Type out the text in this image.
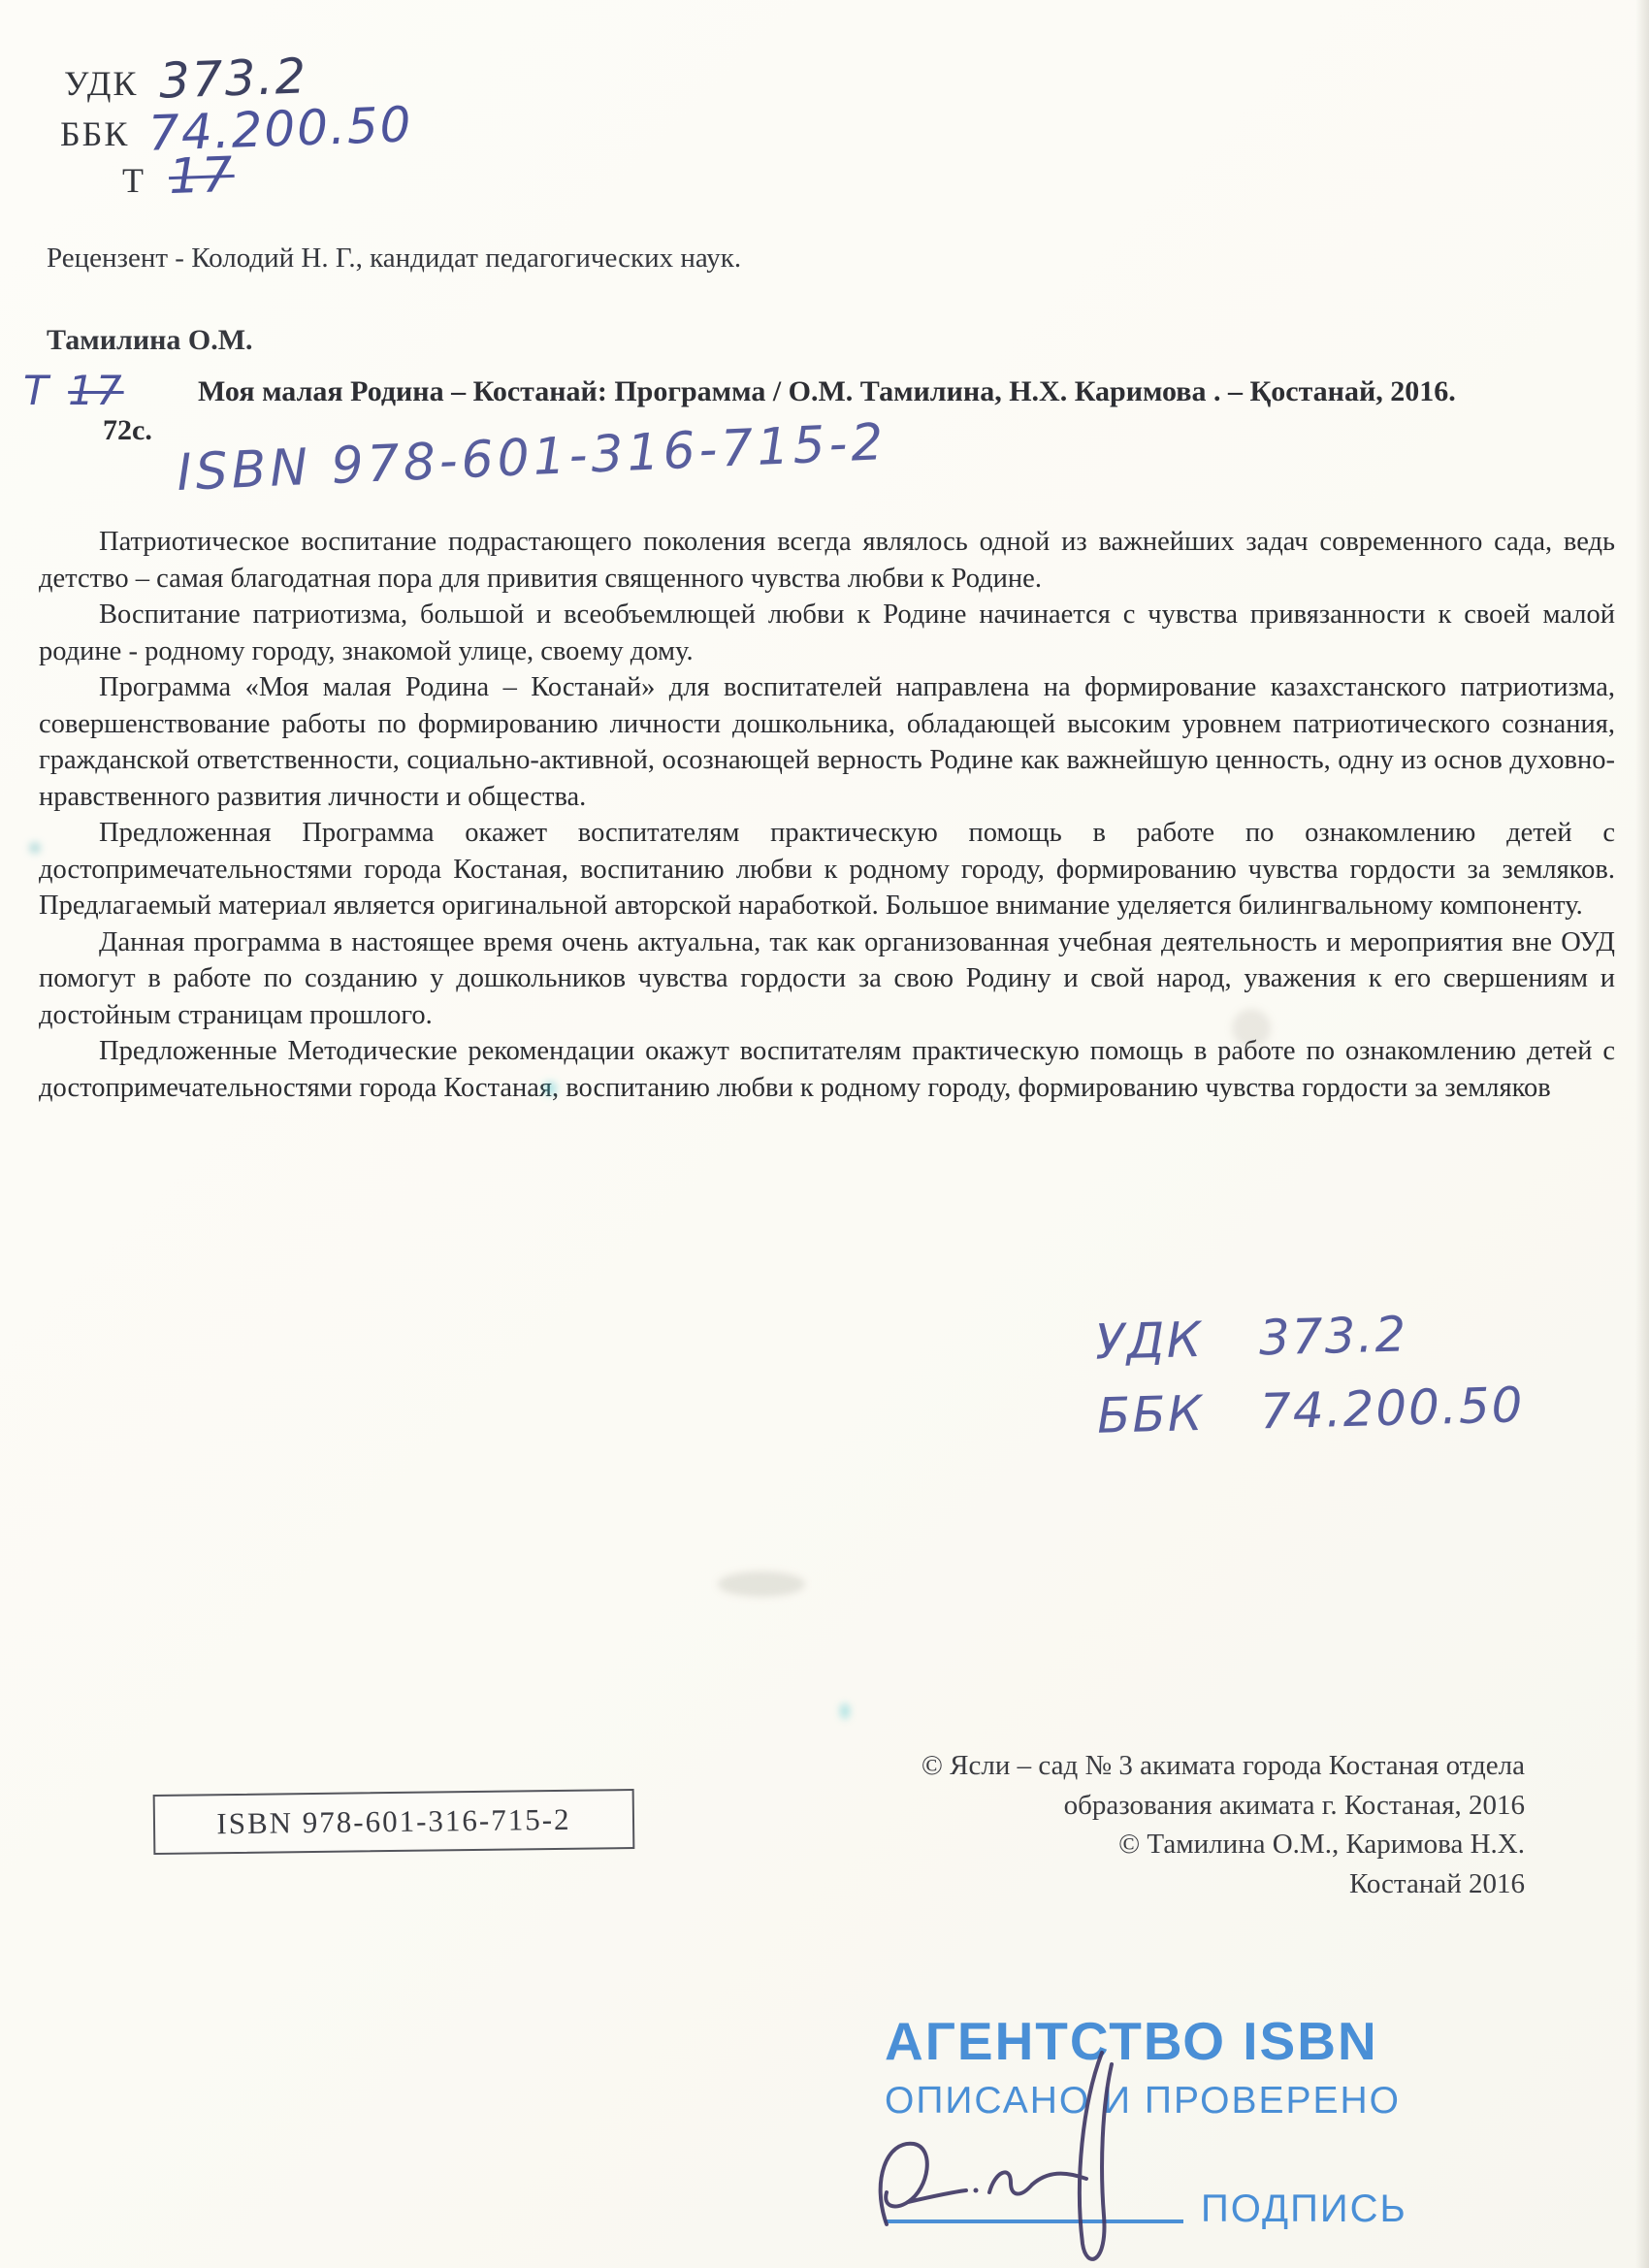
УДК 373.2
ББК 74.200.50
Т 17
Рецензент - Колодий Н. Г., кандидат педагогических наук.
Тамилина О.М.
Т 17	Моя малая Родина – Костанай: Программа / О.М. Тамилина, Н.Х. Каримова . – Қостанай, 2016.
72с. ISBN 978-601-316-715-2

Патриотическое воспитание подрастающего поколения всегда являлось одной из важнейших задач современного сада, ведь детство – самая благодатная пора для привития священного чувства любви к Родине.

Воспитание патриотизма, большой и всеобъемлющей любви к Родине начинается с чувства привязанности к своей малой родине - родному городу, знакомой улице, своему дому.

Программа «Моя малая Родина – Костанай» для воспитателей направлена на формирование казахстанского патриотизма, совершенствование работы по формированию личности дошкольника, обладающей высоким уровнем патриотического сознания, гражданской ответственности, социально-активной, осознающей верность Родине как важнейшую ценность, одну из основ духовно-нравственного развития личности и общества.

Предложенная Программа окажет воспитателям практическую помощь в работе по ознакомлению детей с достопримечательностями города Костаная, воспитанию любви к родному городу, формированию чувства гордости за земляков. Предлагаемый материал является оригинальной авторской наработкой. Большое внимание уделяется билингвальному компоненту.

Данная программа в настоящее время очень актуальна, так как организованная учебная деятельность и мероприятия вне ОУД помогут в работе по созданию у дошкольников чувства гордости за свою Родину и свой народ, уважения к его свершениям и достойным страницам прошлого.

Предложенные Методические рекомендации окажут воспитателям практическую помощь в работе по ознакомлению детей с достопримечательностями города Костаная, воспитанию любви к родному городу, формированию чувства гордости за земляков

УДК 373.2
ББК 74.200.50
ISBN 978-601-316-715-2
© Ясли – сад № 3 акимата города Костаная отдела
образования акимата г. Костаная, 2016
© Тамилина О.М., Каримова Н.Х.
Костанай 2016
АГЕНТСТВО ISBN
ОПИСАНО И ПРОВЕРЕНО
ПОДПИСЬ
